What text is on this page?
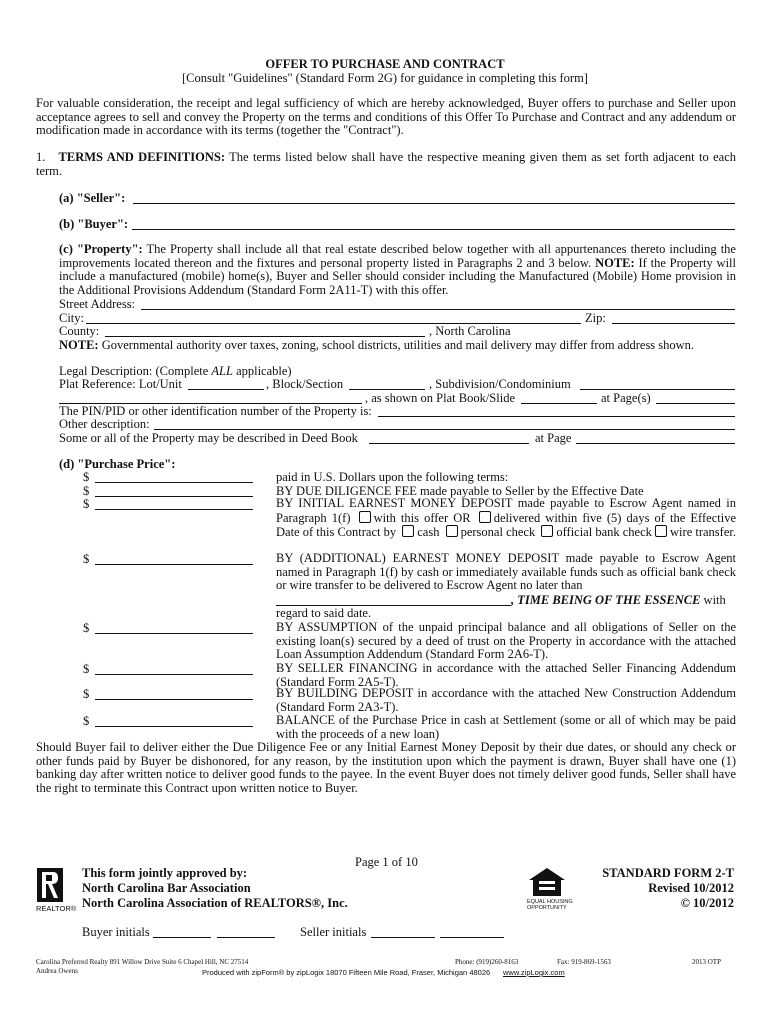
OFFER TO PURCHASE AND CONTRACT
[Consult "Guidelines" (Standard Form 2G) for guidance in completing this form]
For valuable consideration, the receipt and legal sufficiency of which are hereby acknowledged, Buyer offers to purchase and Seller upon acceptance agrees to sell and convey the Property on the terms and conditions of this Offer To Purchase and Contract and any addendum or modification made in accordance with its terms (together the "Contract").
1. TERMS AND DEFINITIONS: The terms listed below shall have the respective meaning given them as set forth adjacent to each term.
(a) "Seller":
(b) "Buyer":
(c) "Property": The Property shall include all that real estate described below together with all appurtenances thereto including the improvements located thereon and the fixtures and personal property listed in Paragraphs 2 and 3 below. NOTE: If the Property will include a manufactured (mobile) home(s), Buyer and Seller should consider including the Manufactured (Mobile) Home provision in the Additional Provisions Addendum (Standard Form 2A11-T) with this offer.
Street Address:
City:	Zip:
County:	, North Carolina
NOTE: Governmental authority over taxes, zoning, school districts, utilities and mail delivery may differ from address shown.
Legal Description: (Complete ALL applicable)
Plat Reference: Lot/Unit	, Block/Section	, Subdivision/Condominium
, as shown on Plat Book/Slide	at Page(s)
The PIN/PID or other identification number of the Property is:
Other description:
Some or all of the Property may be described in Deed Book	at Page
(d) "Purchase Price":
$	paid in U.S. Dollars upon the following terms:
$	BY DUE DILIGENCE FEE made payable to Seller by the Effective Date
$	BY INITIAL EARNEST MONEY DEPOSIT made payable to Escrow Agent named in Paragraph 1(f) with this offer OR delivered within five (5) days of the Effective Date of this Contract by cash personal check official bank check wire transfer.
$	BY (ADDITIONAL) EARNEST MONEY DEPOSIT made payable to Escrow Agent named in Paragraph 1(f) by cash or immediately available funds such as official bank check or wire transfer to be delivered to Escrow Agent no later than
, TIME BEING OF THE ESSENCE with
regard to said date.
$	BY ASSUMPTION of the unpaid principal balance and all obligations of Seller on the existing loan(s) secured by a deed of trust on the Property in accordance with the attached Loan Assumption Addendum (Standard Form 2A6-T).
$	BY SELLER FINANCING in accordance with the attached Seller Financing Addendum (Standard Form 2A5-T).
$	BY BUILDING DEPOSIT in accordance with the attached New Construction Addendum (Standard Form 2A3-T).
$	BALANCE of the Purchase Price in cash at Settlement (some or all of which may be paid with the proceeds of a new loan)
Should Buyer fail to deliver either the Due Diligence Fee or any Initial Earnest Money Deposit by their due dates, or should any check or other funds paid by Buyer be dishonored, for any reason, by the institution upon which the payment is drawn, Buyer shall have one (1) banking day after written notice to deliver good funds to the payee. In the event Buyer does not timely deliver good funds, Seller shall have the right to terminate this Contract upon written notice to Buyer.
Page 1 of 10
REALTOR®
This form jointly approved by:
North Carolina Bar Association
North Carolina Association of REALTORS®, Inc.	EQUAL HOUSING
OPPORTUNITY
STANDARD FORM 2-T
Revised 10/2012
© 10/2012
Buyer initials	Seller initials
Carolina Preferred Realty 891 Willow Drive Suite 6 Chapel Hill, NC 27514	Phone: (919)260-8163	Fax: 919-869-1563	2013 OTP
Andrea Owens	Produced with zipForm® by zipLogix 18070 Fifteen Mile Road, Fraser, Michigan 48026 www.zipLogix.com
